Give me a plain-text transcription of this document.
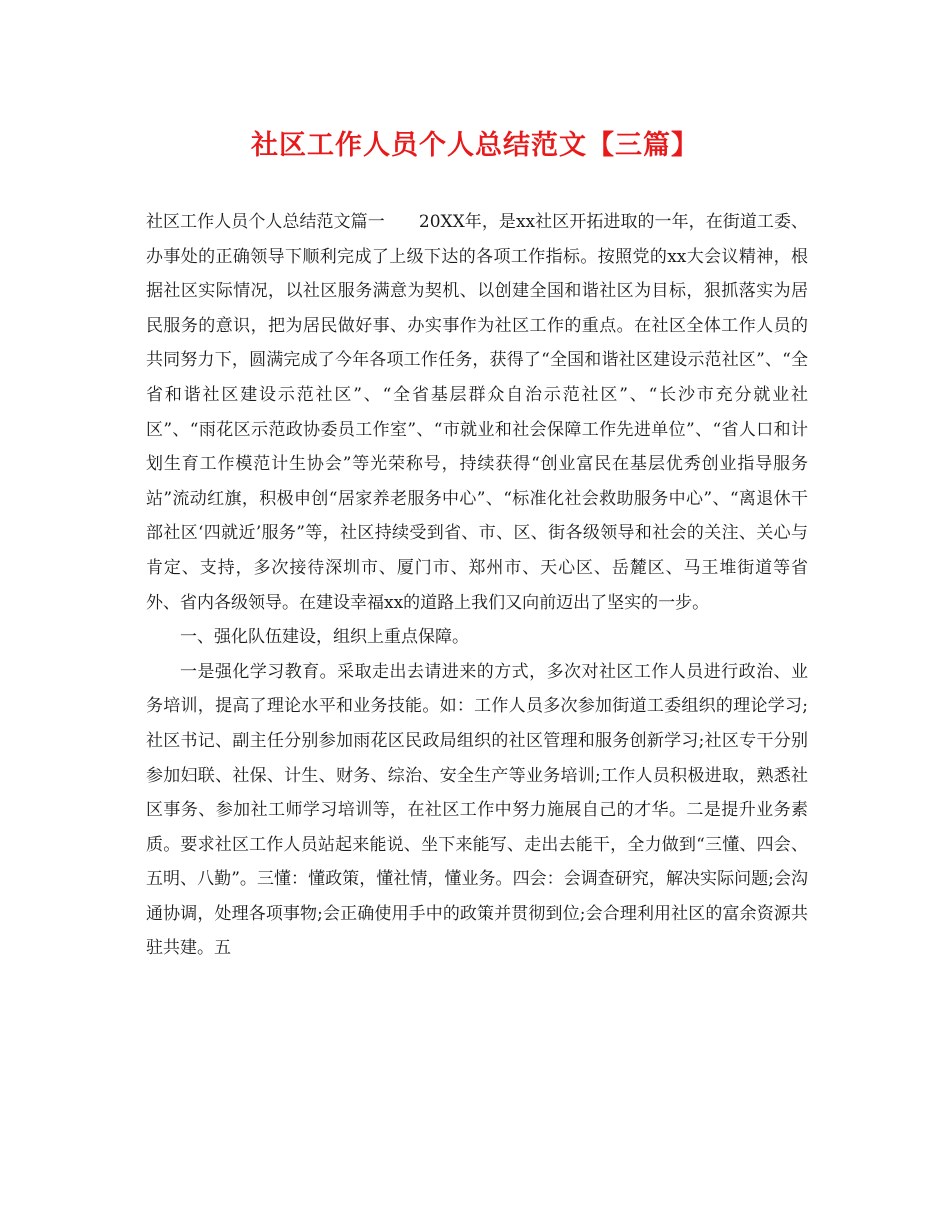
社区工作人员个人总结范文【三篇】

社区工作人员个人总结范文篇一　　20XX年，是xx社区开拓进取的一年，在街道工委、办事处的正确领导下顺利完成了上级下达的各项工作指标。按照党的xx大会议精神，根据社区实际情况，以社区服务满意为契机、以创建全国和谐社区为目标，狠抓落实为居民服务的意识，把为居民做好事、办实事作为社区工作的重点。在社区全体工作人员的共同努力下，圆满完成了今年各项工作任务，获得了“全国和谐社区建设示范社区”、“全省和谐社区建设示范社区”、“全省基层群众自治示范社区”、“长沙市充分就业社区”、“雨花区示范政协委员工作室”、“市就业和社会保障工作先进单位”、“省人口和计划生育工作模范计生协会”等光荣称号，持续获得“创业富民在基层优秀创业指导服务站”流动红旗，积极申创“居家养老服务中心”、“标准化社会救助服务中心”、“离退休干部社区‘四就近’服务”等，社区持续受到省、市、区、街各级领导和社会的关注、关心与肯定、支持，多次接待深圳市、厦门市、郑州市、天心区、岳麓区、马王堆街道等省外、省内各级领导。在建设幸福xx的道路上我们又向前迈出了坚实的一步。

一、强化队伍建设，组织上重点保障。

一是强化学习教育。采取走出去请进来的方式，多次对社区工作人员进行政治、业务培训，提高了理论水平和业务技能。如：工作人员多次参加街道工委组织的理论学习;社区书记、副主任分别参加雨花区民政局组织的社区管理和服务创新学习;社区专干分别参加妇联、社保、计生、财务、综治、安全生产等业务培训;工作人员积极进取，熟悉社区事务、参加社工师学习培训等，在社区工作中努力施展自己的才华。二是提升业务素质。要求社区工作人员站起来能说、坐下来能写、走出去能干，全力做到“三懂、四会、五明、八勤”。三懂：懂政策，懂社情，懂业务。四会：会调查研究，解决实际问题;会沟通协调，处理各项事物;会正确使用手中的政策并贯彻到位;会合理利用社区的富余资源共驻共建。五
